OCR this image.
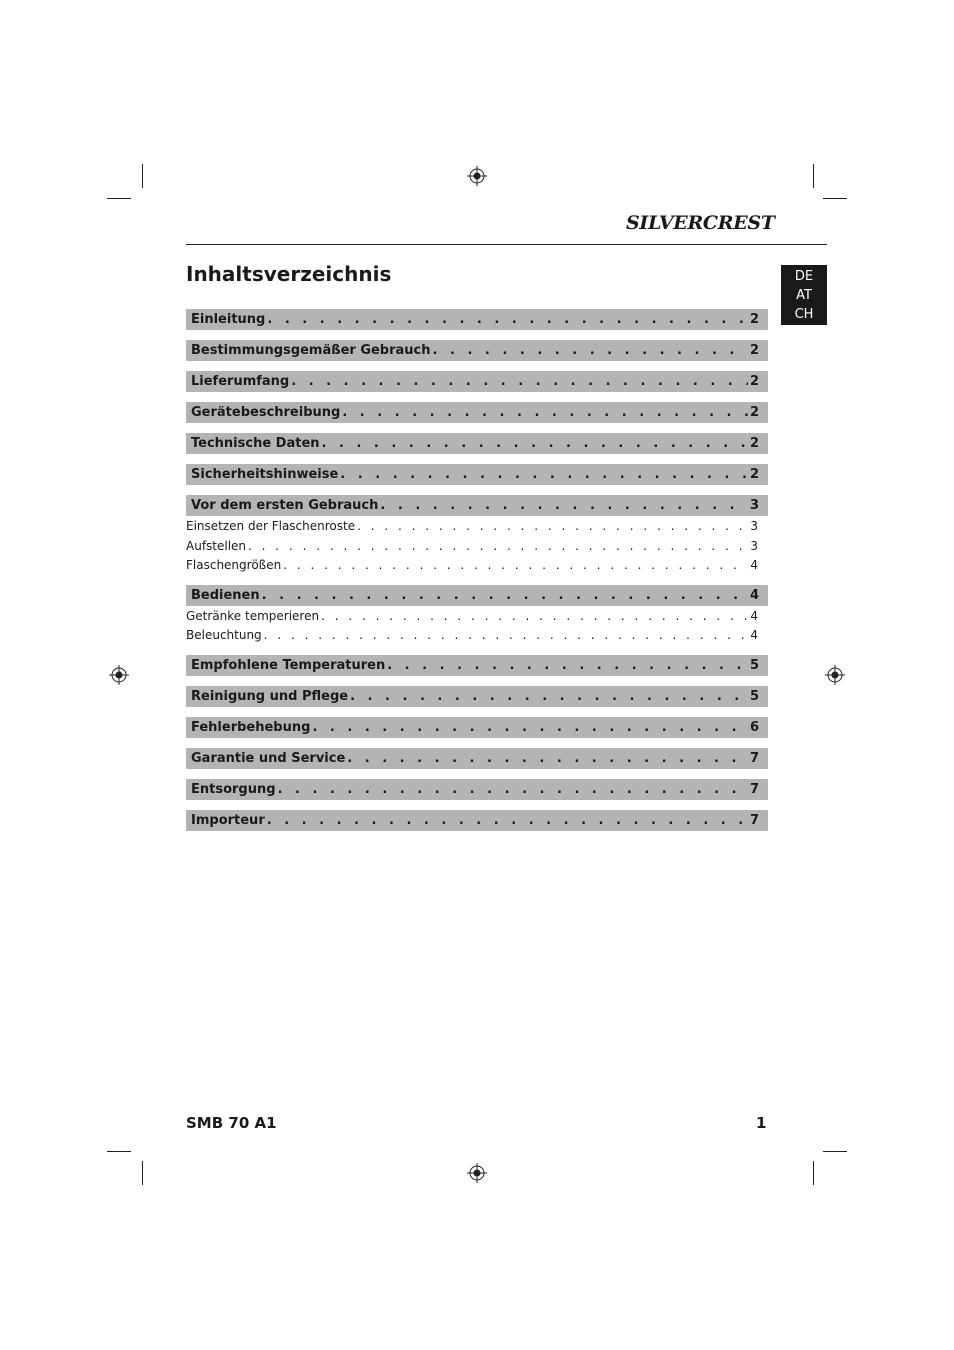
SILVERCREST
Inhaltsverzeichnis	DE
AT
CH
Einleitung . . .	2
Bestimmungsgemäßer Gebrauch . . .	2
Lieferumfang . . .	2
Gerätebeschreibung . . .	2
Technische Daten . . .	2
Sicherheitshinweise . . .	2
Vor dem ersten Gebrauch . . .	3
Einsetzen der Flaschenroste . . .	3
Aufstellen . . .	3
Flaschengrößen . . .	4
Bedienen . . .	4
Getränke temperieren . . .	4
Beleuchtung . . .	4
Empfohlene Temperaturen . . .	5
Reinigung und Pflege . . .	5
Fehlerbehebung . . .	6
Garantie und Service . . .	7
Entsorgung . . .	7
Importeur . . .	7
SMB 70 A1	1
